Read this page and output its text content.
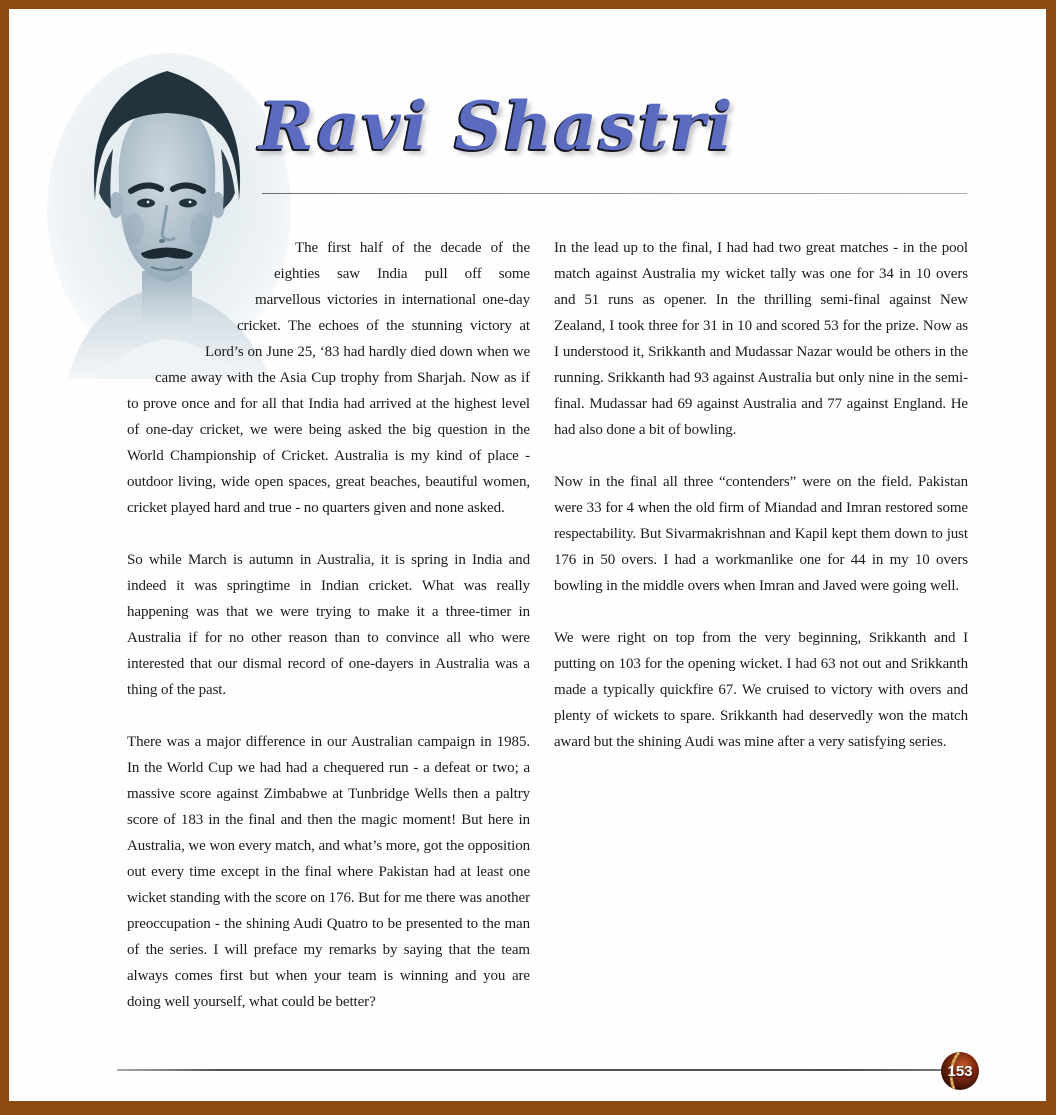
Ravi Shastri

The first half of the decade of the eighties saw India pull off some marvellous victories in international one-day cricket. The echoes of the stunning victory at Lord’s on June 25, ‘83 had hardly died down when we came away with the Asia Cup trophy from Sharjah. Now as if to prove once and for all that India had arrived at the highest level of one-day cricket, we were being asked the big question in the World Championship of Cricket. Australia is my kind of place - outdoor living, wide open spaces, great beaches, beautiful women, cricket played hard and true - no quarters given and none asked.

So while March is autumn in Australia, it is spring in India and indeed it was springtime in Indian cricket. What was really happening was that we were trying to make it a three-timer in Australia if for no other reason than to convince all who were interested that our dismal record of one-dayers in Australia was a thing of the past.

There was a major difference in our Australian campaign in 1985. In the World Cup we had had a chequered run - a defeat or two; a massive score against Zimbabwe at Tunbridge Wells then a paltry score of 183 in the final and then the magic moment! But here in Australia, we won every match, and what’s more, got the opposition out every time except in the final where Pakistan had at least one wicket standing with the score on 176. But for me there was another preoccupation - the shining Audi Quatro to be presented to the man of the series. I will preface my remarks by saying that the team always comes first but when your team is winning and you are doing well yourself, what could be better?

In the lead up to the final, I had had two great matches - in the pool match against Australia my wicket tally was one for 34 in 10 overs and 51 runs as opener. In the thrilling semi-final against New Zealand, I took three for 31 in 10 and scored 53 for the prize. Now as I understood it, Srikkanth and Mudassar Nazar would be others in the running. Srikkanth had 93 against Australia but only nine in the semi-final. Mudassar had 69 against Australia and 77 against England. He had also done a bit of bowling.

Now in the final all three “contenders” were on the field. Pakistan were 33 for 4 when the old firm of Miandad and Imran restored some respectability. But Sivarmakrishnan and Kapil kept them down to just 176 in 50 overs. I had a workmanlike one for 44 in my 10 overs bowling in the middle overs when Imran and Javed were going well.

We were right on top from the very beginning, Srikkanth and I putting on 103 for the opening wicket. I had 63 not out and Srikkanth made a typically quickfire 67. We cruised to victory with overs and plenty of wickets to spare. Srikkanth had deservedly won the match award but the shining Audi was mine after a very satisfying series.

153
